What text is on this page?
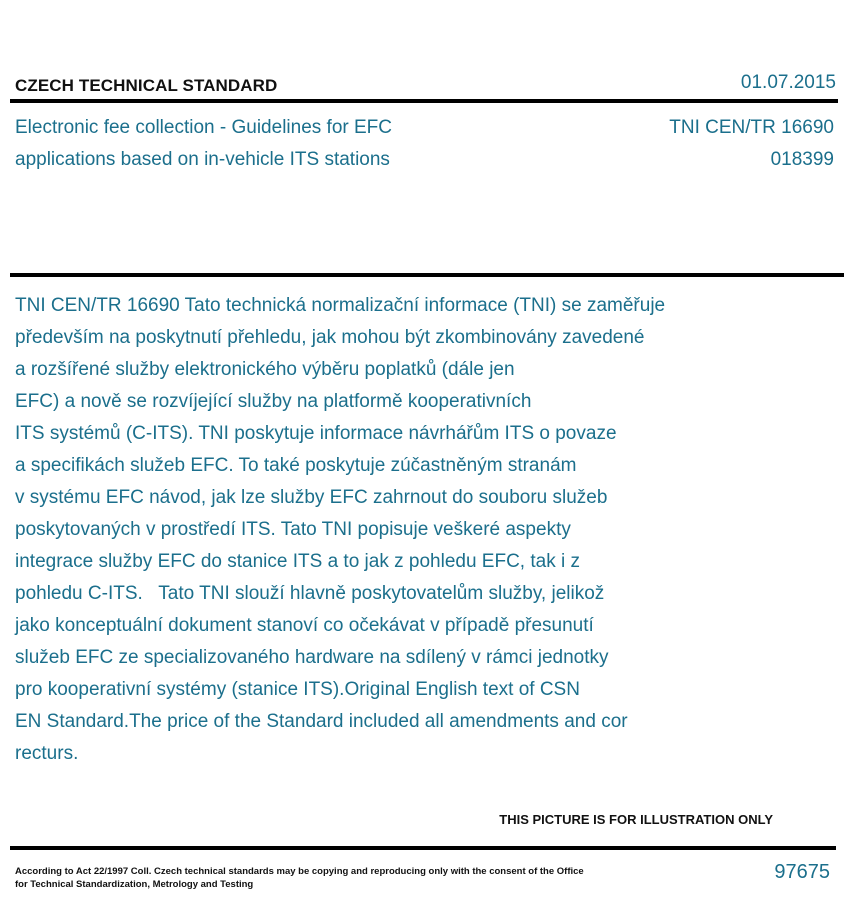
CZECH TECHNICAL STANDARD	01.07.2015
Electronic fee collection - Guidelines for EFC
applications based on in-vehicle ITS stations
TNI CEN/TR 16690
018399
TNI CEN/TR 16690 Tato technická normalizační informace (TNI) se zaměřuje
především na poskytnutí přehledu, jak mohou být zkombinovány zavedené
a rozšířené služby elektronického výběru poplatků (dále jen
EFC) a nově se rozvíjející služby na platformě kooperativních
ITS systémů (C-ITS). TNI poskytuje informace návrhářům ITS o povaze
a specifikách služeb EFC. To také poskytuje zúčastněným stranám
v systému EFC návod, jak lze služby EFC zahrnout do souboru služeb
poskytovaných v prostředí ITS. Tato TNI popisuje veškeré aspekty
integrace služby EFC do stanice ITS a to jak z pohledu EFC, tak i z
pohledu C-ITS.   Tato TNI slouží hlavně poskytovatelům služby, jelikož
jako konceptuální dokument stanoví co očekávat v případě přesunutí
služeb EFC ze specializovaného hardware na sdílený v rámci jednotky
pro kooperativní systémy (stanice ITS).Original English text of CSN
EN Standard.The price of the Standard included all amendments and cor
recturs.
THIS PICTURE IS FOR ILLUSTRATION ONLY
According to Act 22/1997 Coll. Czech technical standards may be copying and reproducing only with the consent of the Office
for Technical Standardization, Metrology and Testing
97675
